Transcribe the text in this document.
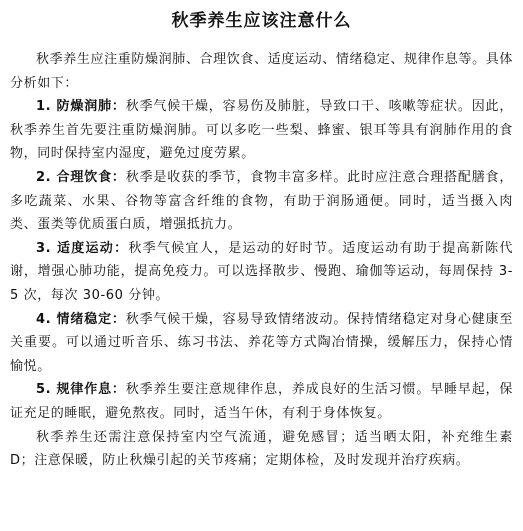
秋季养生应该注意什么

秋季养生应注重防燥润肺、合理饮食、适度运动、情绪稳定、规律作息等。具体分析如下：

1. 防燥润肺：秋季气候干燥，容易伤及肺脏，导致口干、咳嗽等症状。因此，秋季养生首先要注重防燥润肺。可以多吃一些梨、蜂蜜、银耳等具有润肺作用的食物，同时保持室内湿度，避免过度劳累。

2. 合理饮食：秋季是收获的季节，食物丰富多样。此时应注意合理搭配膳食，多吃蔬菜、水果、谷物等富含纤维的食物，有助于润肠通便。同时，适当摄入肉类、蛋类等优质蛋白质，增强抵抗力。

3. 适度运动：秋季气候宜人，是运动的好时节。适度运动有助于提高新陈代谢，增强心肺功能，提高免疫力。可以选择散步、慢跑、瑜伽等运动，每周保持 3-5 次，每次 30-60 分钟。

4. 情绪稳定：秋季气候干燥，容易导致情绪波动。保持情绪稳定对身心健康至关重要。可以通过听音乐、练习书法、养花等方式陶冶情操，缓解压力，保持心情愉悦。

5. 规律作息：秋季养生要注意规律作息，养成良好的生活习惯。早睡早起，保证充足的睡眠，避免熬夜。同时，适当午休，有利于身体恢复。

秋季养生还需注意保持室内空气流通，避免感冒；适当晒太阳，补充维生素 D；注意保暖，防止秋燥引起的关节疼痛；定期体检，及时发现并治疗疾病。
